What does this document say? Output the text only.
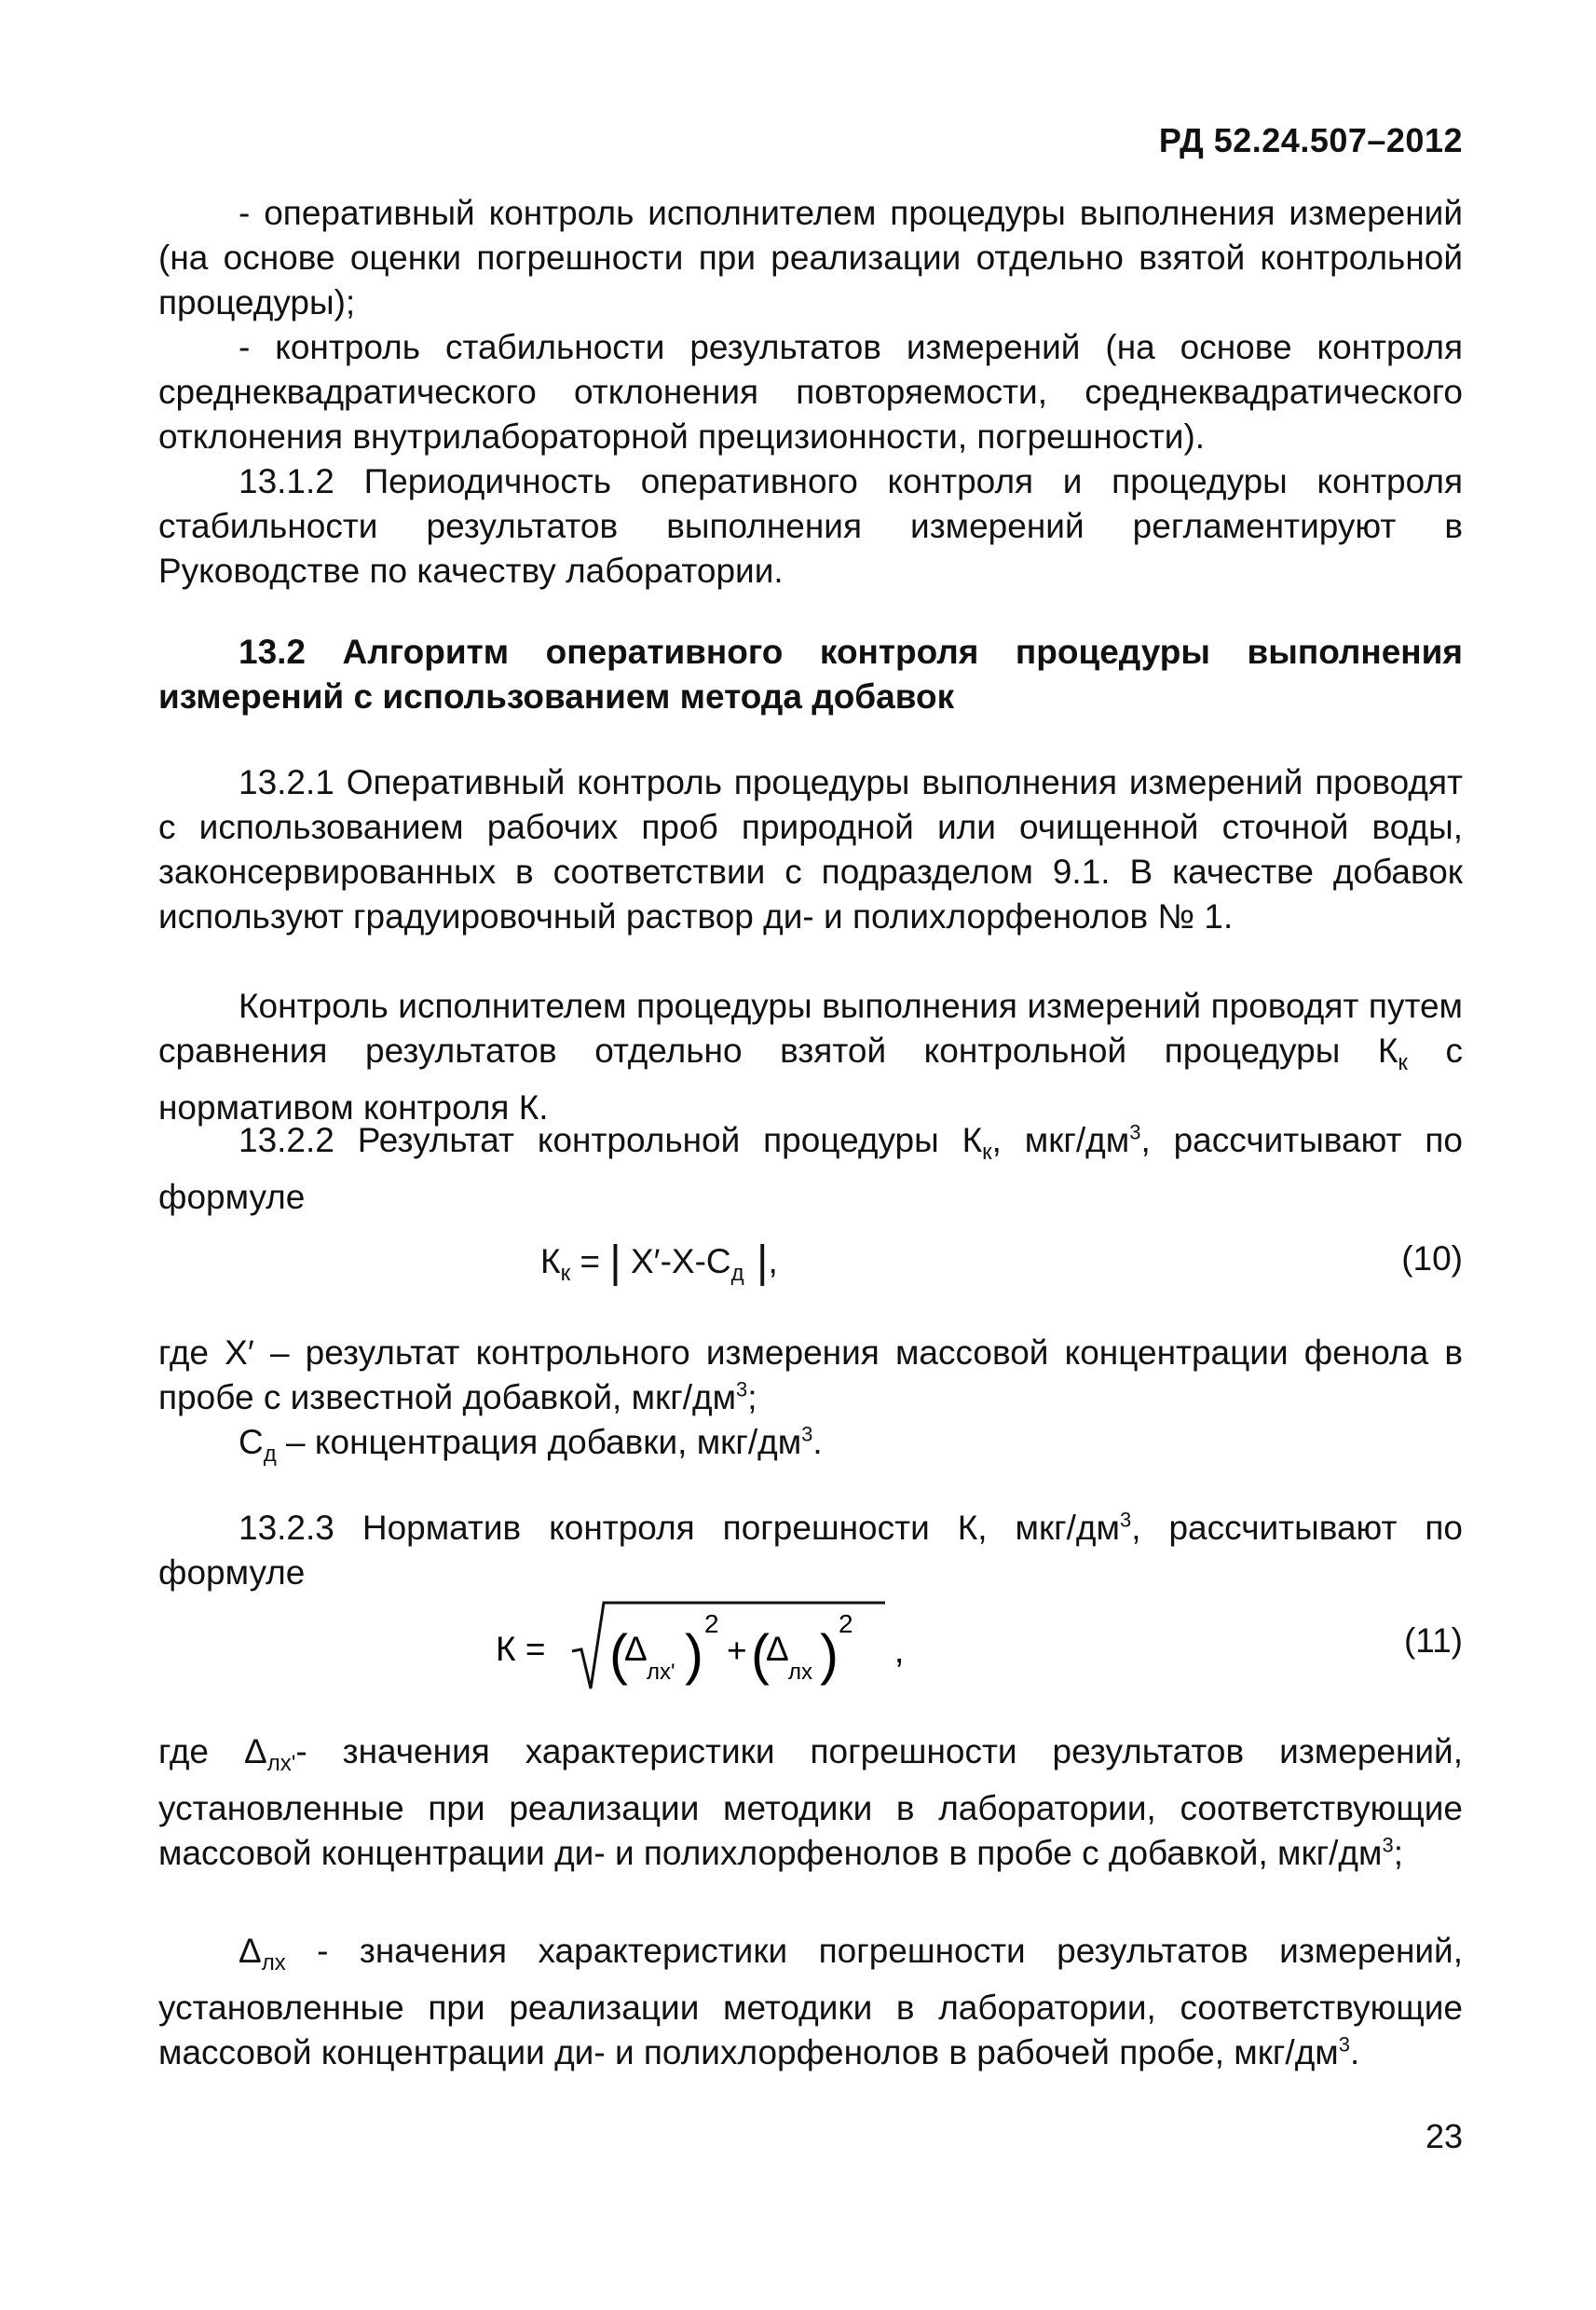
РД 52.24.507–2012
- оперативный контроль исполнителем процедуры выполнения измерений (на основе оценки погрешности при реализации отдельно взятой контрольной процедуры);
- контроль стабильности результатов измерений (на основе контроля среднеквадратического отклонения повторяемости, среднеквадратического отклонения внутрилабораторной прецизионности, погрешности).
13.1.2 Периодичность оперативного контроля и процедуры контроля стабильности результатов выполнения измерений регламентируют в Руководстве по качеству лаборатории.
13.2 Алгоритм оперативного контроля процедуры выполнения измерений с использованием метода добавок
13.2.1 Оперативный контроль процедуры выполнения измерений проводят с использованием рабочих проб природной или очищенной сточной воды, законсервированных в соответствии с подразделом 9.1. В качестве добавок используют градуировочный раствор ди- и полихлорфенолов № 1.
Контроль исполнителем процедуры выполнения измерений проводят путем сравнения результатов отдельно взятой контрольной процедуры $К_к$ с нормативом контроля К.
13.2.2 Результат контрольной процедуры $К_к$, мкг/$дм^3$, рассчитывают по формуле
$К_к$ = | $Х'-Х-С_д$ |,	(10)
где Х′ – результат контрольного измерения массовой концентрации фенола в пробе с известной добавкой, мкг/$дм^3$;
$С_д$ – концентрация добавки, мкг/$дм^3$.
13.2.3 Норматив контроля погрешности К, мкг/$дм^3$, рассчитывают по формуле
К = (
Δ
лх' ) 2
+ (
Δ
лх ) 2
,	(11)
где $\Delta_{лх'}-$ значения характеристики погрешности результатов измерений, установленные при реализации методики в лаборатории, соответствующие массовой концентрации ди- и полихлорфенолов в пробе с добавкой, мкг/$дм^3$;
$\Delta_{лх}$ - значения характеристики погрешности результатов измерений, установленные при реализации методики в лаборатории, соответствующие массовой концентрации ди- и полихлорфенолов в рабочей пробе, мкг/$дм^3$.
23
